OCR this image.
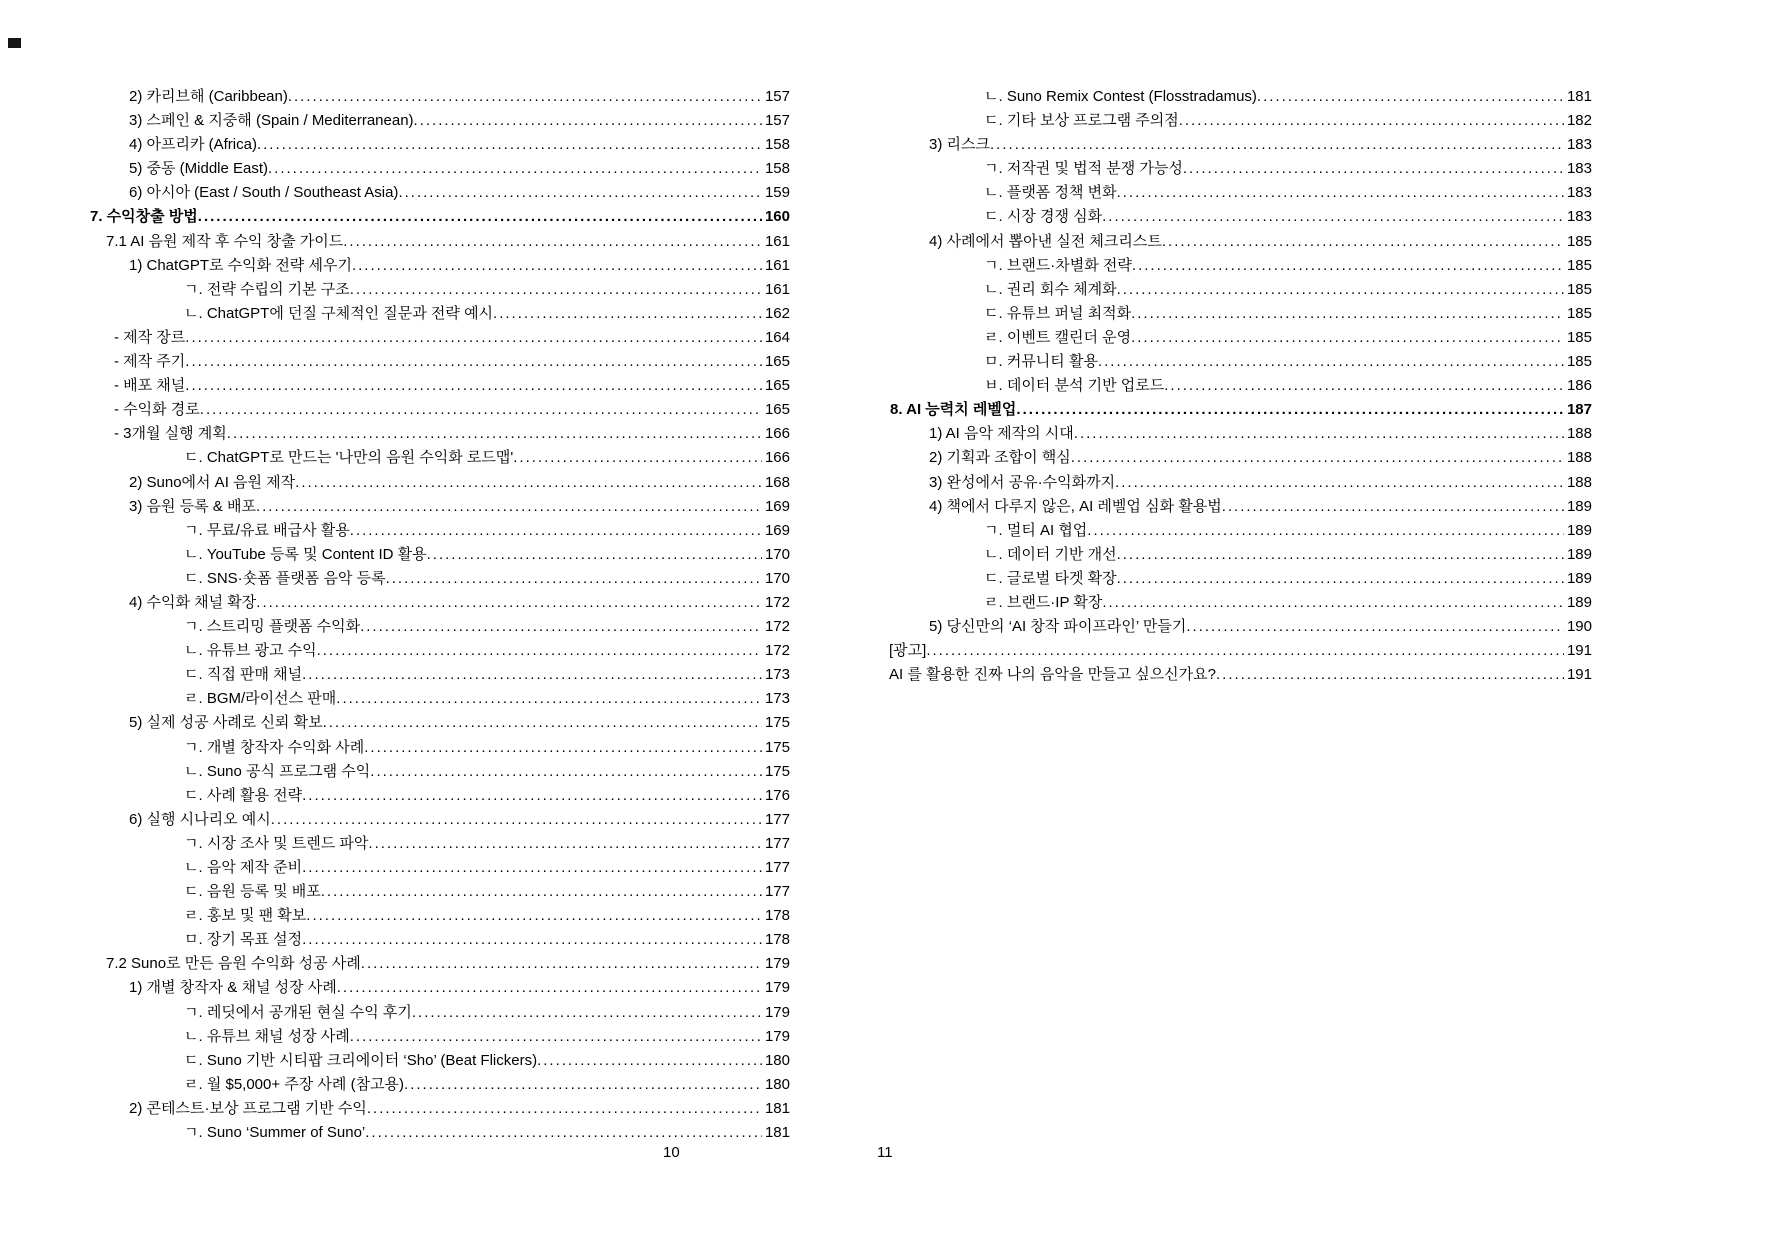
2) 카리브해 (Caribbean) .....	157
3) 스페인 & 지중해 (Spain / Mediterranean) .....	157
4) 아프리카 (Africa) .....	158
5) 중동 (Middle East) .....	158
6) 아시아 (East / South / Southeast Asia) .....	159
7. 수익창출 방법 .....	160
7.1 AI 음원 제작 후 수익 창출 가이드 .....	161
1) ChatGPT로 수익화 전략 세우기 .....	161
ㄱ. 전략 수립의 기본 구조 .....	161
ㄴ. ChatGPT에 던질 구체적인 질문과 전략 예시 .....	162
- 제작 장르 .....	164
- 제작 주기 .....	165
- 배포 채널 .....	165
- 수익화 경로 .....	165
- 3개월 실행 계획 .....	166
ㄷ. ChatGPT로 만드는 '나만의 음원 수익화 로드맵' .....	166
2) Suno에서 AI 음원 제작 .....	168
3) 음원 등록 & 배포 .....	169
ㄱ. 무료/유료 배급사 활용 .....	169
ㄴ. YouTube 등록 및 Content ID 활용 .....	170
ㄷ. SNS·숏폼 플랫폼 음악 등록 .....	170
4) 수익화 채널 확장 .....	172
ㄱ. 스트리밍 플랫폼 수익화 .....	172
ㄴ. 유튜브 광고 수익 .....	172
ㄷ. 직접 판매 채널 .....	173
ㄹ. BGM/라이선스 판매 .....	173
5) 실제 성공 사례로 신뢰 확보 .....	175
ㄱ. 개별 창작자 수익화 사례 .....	175
ㄴ. Suno 공식 프로그램 수익 .....	175
ㄷ. 사례 활용 전략 .....	176
6) 실행 시나리오 예시 .....	177
ㄱ. 시장 조사 및 트렌드 파악 .....	177
ㄴ. 음악 제작 준비 .....	177
ㄷ. 음원 등록 및 배포 .....	177
ㄹ. 홍보 및 팬 확보 .....	178
ㅁ. 장기 목표 설정 .....	178
7.2 Suno로 만든 음원 수익화 성공 사례 .....	179
1) 개별 창작자 & 채널 성장 사례 .....	179
ㄱ. 레딧에서 공개된 현실 수익 후기 .....	179
ㄴ. 유튜브 채널 성장 사례 .....	179
ㄷ. Suno 기반 시티팝 크리에이터 ‘Sho’ (Beat Flickers) .....	180
ㄹ. 월 $5,000+ 주장 사례 (참고용) .....	180
2) 콘테스트·보상 프로그램 기반 수익 .....	181
ㄱ. Suno ‘Summer of Suno’ .....	181
ㄴ. Suno Remix Contest (Flosstradamus) .....	181
ㄷ. 기타 보상 프로그램 주의점 .....	182
3) 리스크 .....	183
ㄱ. 저작권 및 법적 분쟁 가능성 .....	183
ㄴ. 플랫폼 정책 변화 .....	183
ㄷ. 시장 경쟁 심화 .....	183
4) 사례에서 뽑아낸 실전 체크리스트 .....	185
ㄱ. 브랜드·차별화 전략 .....	185
ㄴ. 권리 회수 체계화 .....	185
ㄷ. 유튜브 퍼널 최적화 .....	185
ㄹ. 이벤트 캘린더 운영 .....	185
ㅁ. 커뮤니티 활용 .....	185
ㅂ. 데이터 분석 기반 업로드 .....	186
8. AI 능력치 레벨업 .....	187
1) AI 음악 제작의 시대 .....	188
2) 기획과 조합이 핵심 .....	188
3) 완성에서 공유·수익화까지 .....	188
4) 책에서 다루지 않은, AI 레벨업 심화 활용법 .....	189
ㄱ. 멀티 AI 협업 .....	189
ㄴ. 데이터 기반 개선 .....	189
ㄷ. 글로벌 타겟 확장 .....	189
ㄹ. 브랜드·IP 확장 .....	189
5) 당신만의 ‘AI 창작 파이프라인’ 만들기 .....	190
[광고] .....	191
AI 를 활용한 진짜 나의 음악을 만들고 싶으신가요? .....	191
10	11
